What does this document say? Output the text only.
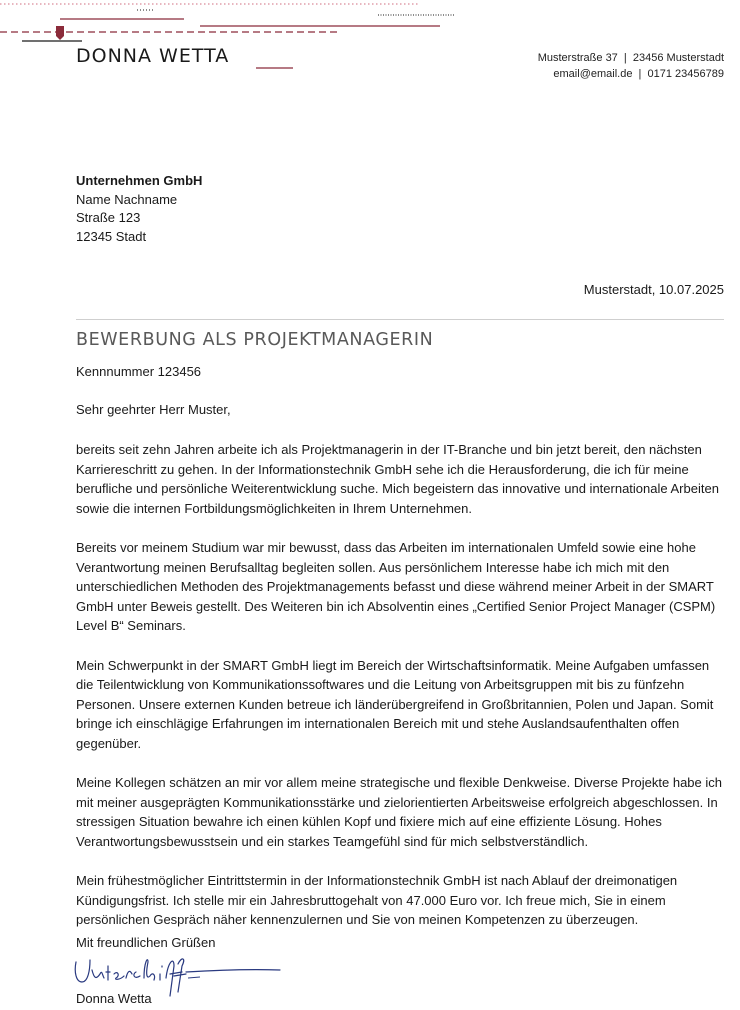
DONNA WETTA	Musterstraße 37  |  23456 Musterstadt
email@email.de  |  0171 23456789
Unternehmen GmbH
Name Nachname
Straße 123
12345 Stadt
Musterstadt, 10.07.2025
BEWERBUNG ALS PROJEKTMANAGERIN
Kennnummer 123456
Sehr geehrter Herr Muster,

bereits seit zehn Jahren arbeite ich als Projektmanagerin in der IT-Branche und bin jetzt bereit, den nächsten Karriereschritt zu gehen. In der Informationstechnik GmbH sehe ich die Herausforderung, die ich für meine berufliche und persönliche Weiterentwicklung suche. Mich begeistern das innovative und internationale Arbeiten sowie die internen Fortbildungsmöglichkeiten in Ihrem Unternehmen.

Bereits vor meinem Studium war mir bewusst, dass das Arbeiten im internationalen Umfeld sowie eine hohe Verantwortung meinen Berufsalltag begleiten sollen. Aus persönlichem Interesse habe ich mich mit den unterschiedlichen Methoden des Projektmanagements befasst und diese während meiner Arbeit in der SMART GmbH unter Beweis gestellt. Des Weiteren bin ich Absolventin eines „Certified Senior Project Manager (CSPM) Level B“ Seminars.

Mein Schwerpunkt in der SMART GmbH liegt im Bereich der Wirtschaftsinformatik. Meine Aufgaben umfassen die Teilentwicklung von Kommunikationssoftwares und die Leitung von Arbeitsgruppen mit bis zu fünfzehn Personen. Unsere externen Kunden betreue ich länderübergreifend in Großbritannien, Polen und Japan. Somit bringe ich einschlägige Erfahrungen im internationalen Bereich mit und stehe Auslandsaufenthalten offen gegenüber.

Meine Kollegen schätzen an mir vor allem meine strategische und flexible Denkweise. Diverse Projekte habe ich mit meiner ausgeprägten Kommunikationsstärke und zielorientierten Arbeitsweise erfolgreich abgeschlossen. In stressigen Situation bewahre ich einen kühlen Kopf und fixiere mich auf eine effiziente Lösung. Hohes Verantwortungsbewusstsein und ein starkes Teamgefühl sind für mich selbstverständlich.

Mein frühestmöglicher Eintrittstermin in der Informationstechnik GmbH ist nach Ablauf der dreimonatigen Kündigungsfrist. Ich stelle mir ein Jahresbruttogehalt von 47.000 Euro vor. Ich freue mich, Sie in einem persönlichen Gespräch näher kennenzulernen und Sie von meinen Kompetenzen zu überzeugen.

Mit freundlichen Grüßen
Donna Wetta
